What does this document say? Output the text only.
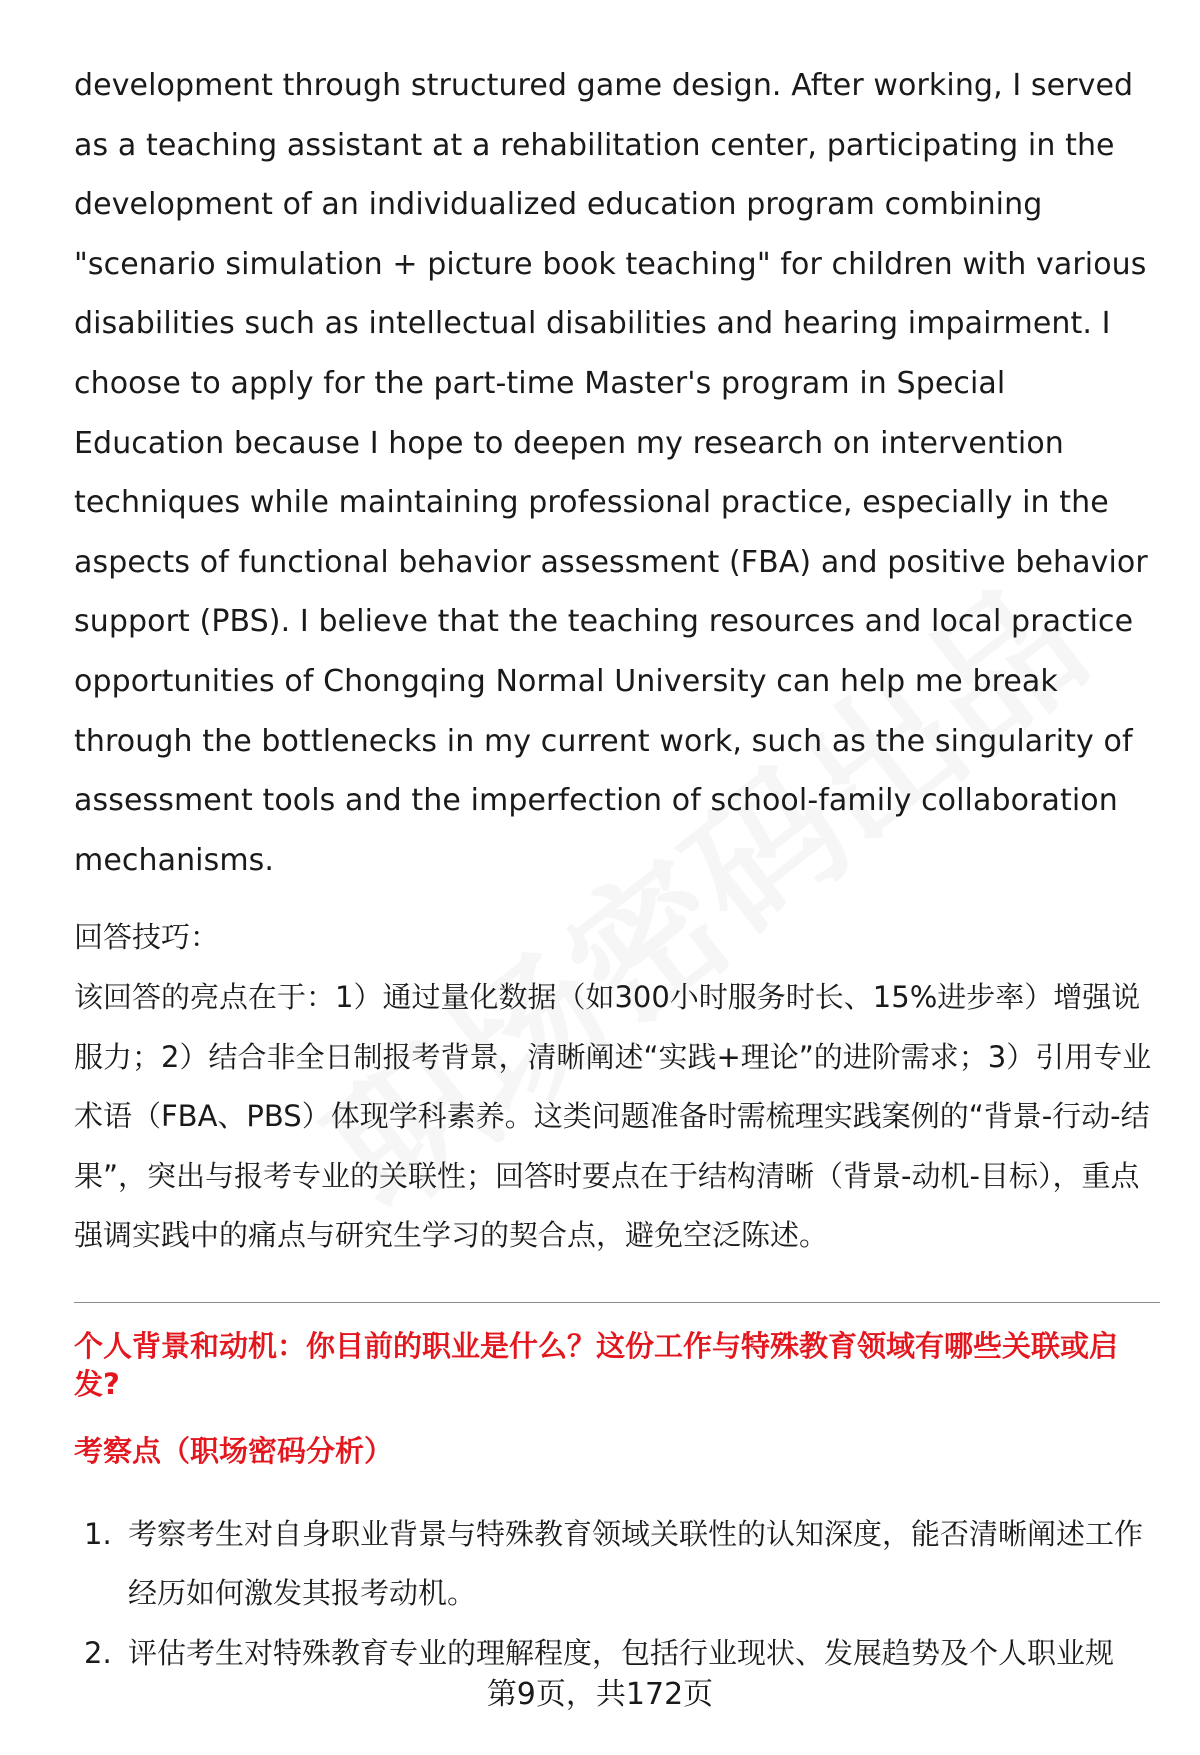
development through structured game design. After working, I served as a teaching assistant at a rehabilitation center, participating in the development of an individualized education program combining "scenario simulation + picture book teaching" for children with various disabilities such as intellectual disabilities and hearing impairment. I choose to apply for the part-time Master's program in Special Education because I hope to deepen my research on intervention techniques while maintaining professional practice, especially in the aspects of functional behavior assessment (FBA) and positive behavior support (PBS). I believe that the teaching resources and local practice opportunities of Chongqing Normal University can help me break through the bottlenecks in my current work, such as the singularity of assessment tools and the imperfection of school-family collaboration mechanisms.

回答技巧：

该回答的亮点在于：1）通过量化数据（如300小时服务时长、15%进步率）增强说服力；2）结合非全日制报考背景，清晰阐述“实践+理论”的进阶需求；3）引用专业术语（FBA、PBS）体现学科素养。这类问题准备时需梳理实践案例的“背景-行动-结果”，突出与报考专业的关联性；回答时要点在于结构清晰（背景-动机-目标），重点强调实践中的痛点与研究生学习的契合点，避免空泛陈述。

个人背景和动机：你目前的职业是什么？这份工作与特殊教育领域有哪些关联或启发?
考察点（职场密码分析）
1. 考察考生对自身职业背景与特殊教育领域关联性的认知深度，能否清晰阐述工作经历如何激发其报考动机。
2. 评估考生对特殊教育专业的理解程度，包括行业现状、发展趋势及个人职业规
第9页，共172页
